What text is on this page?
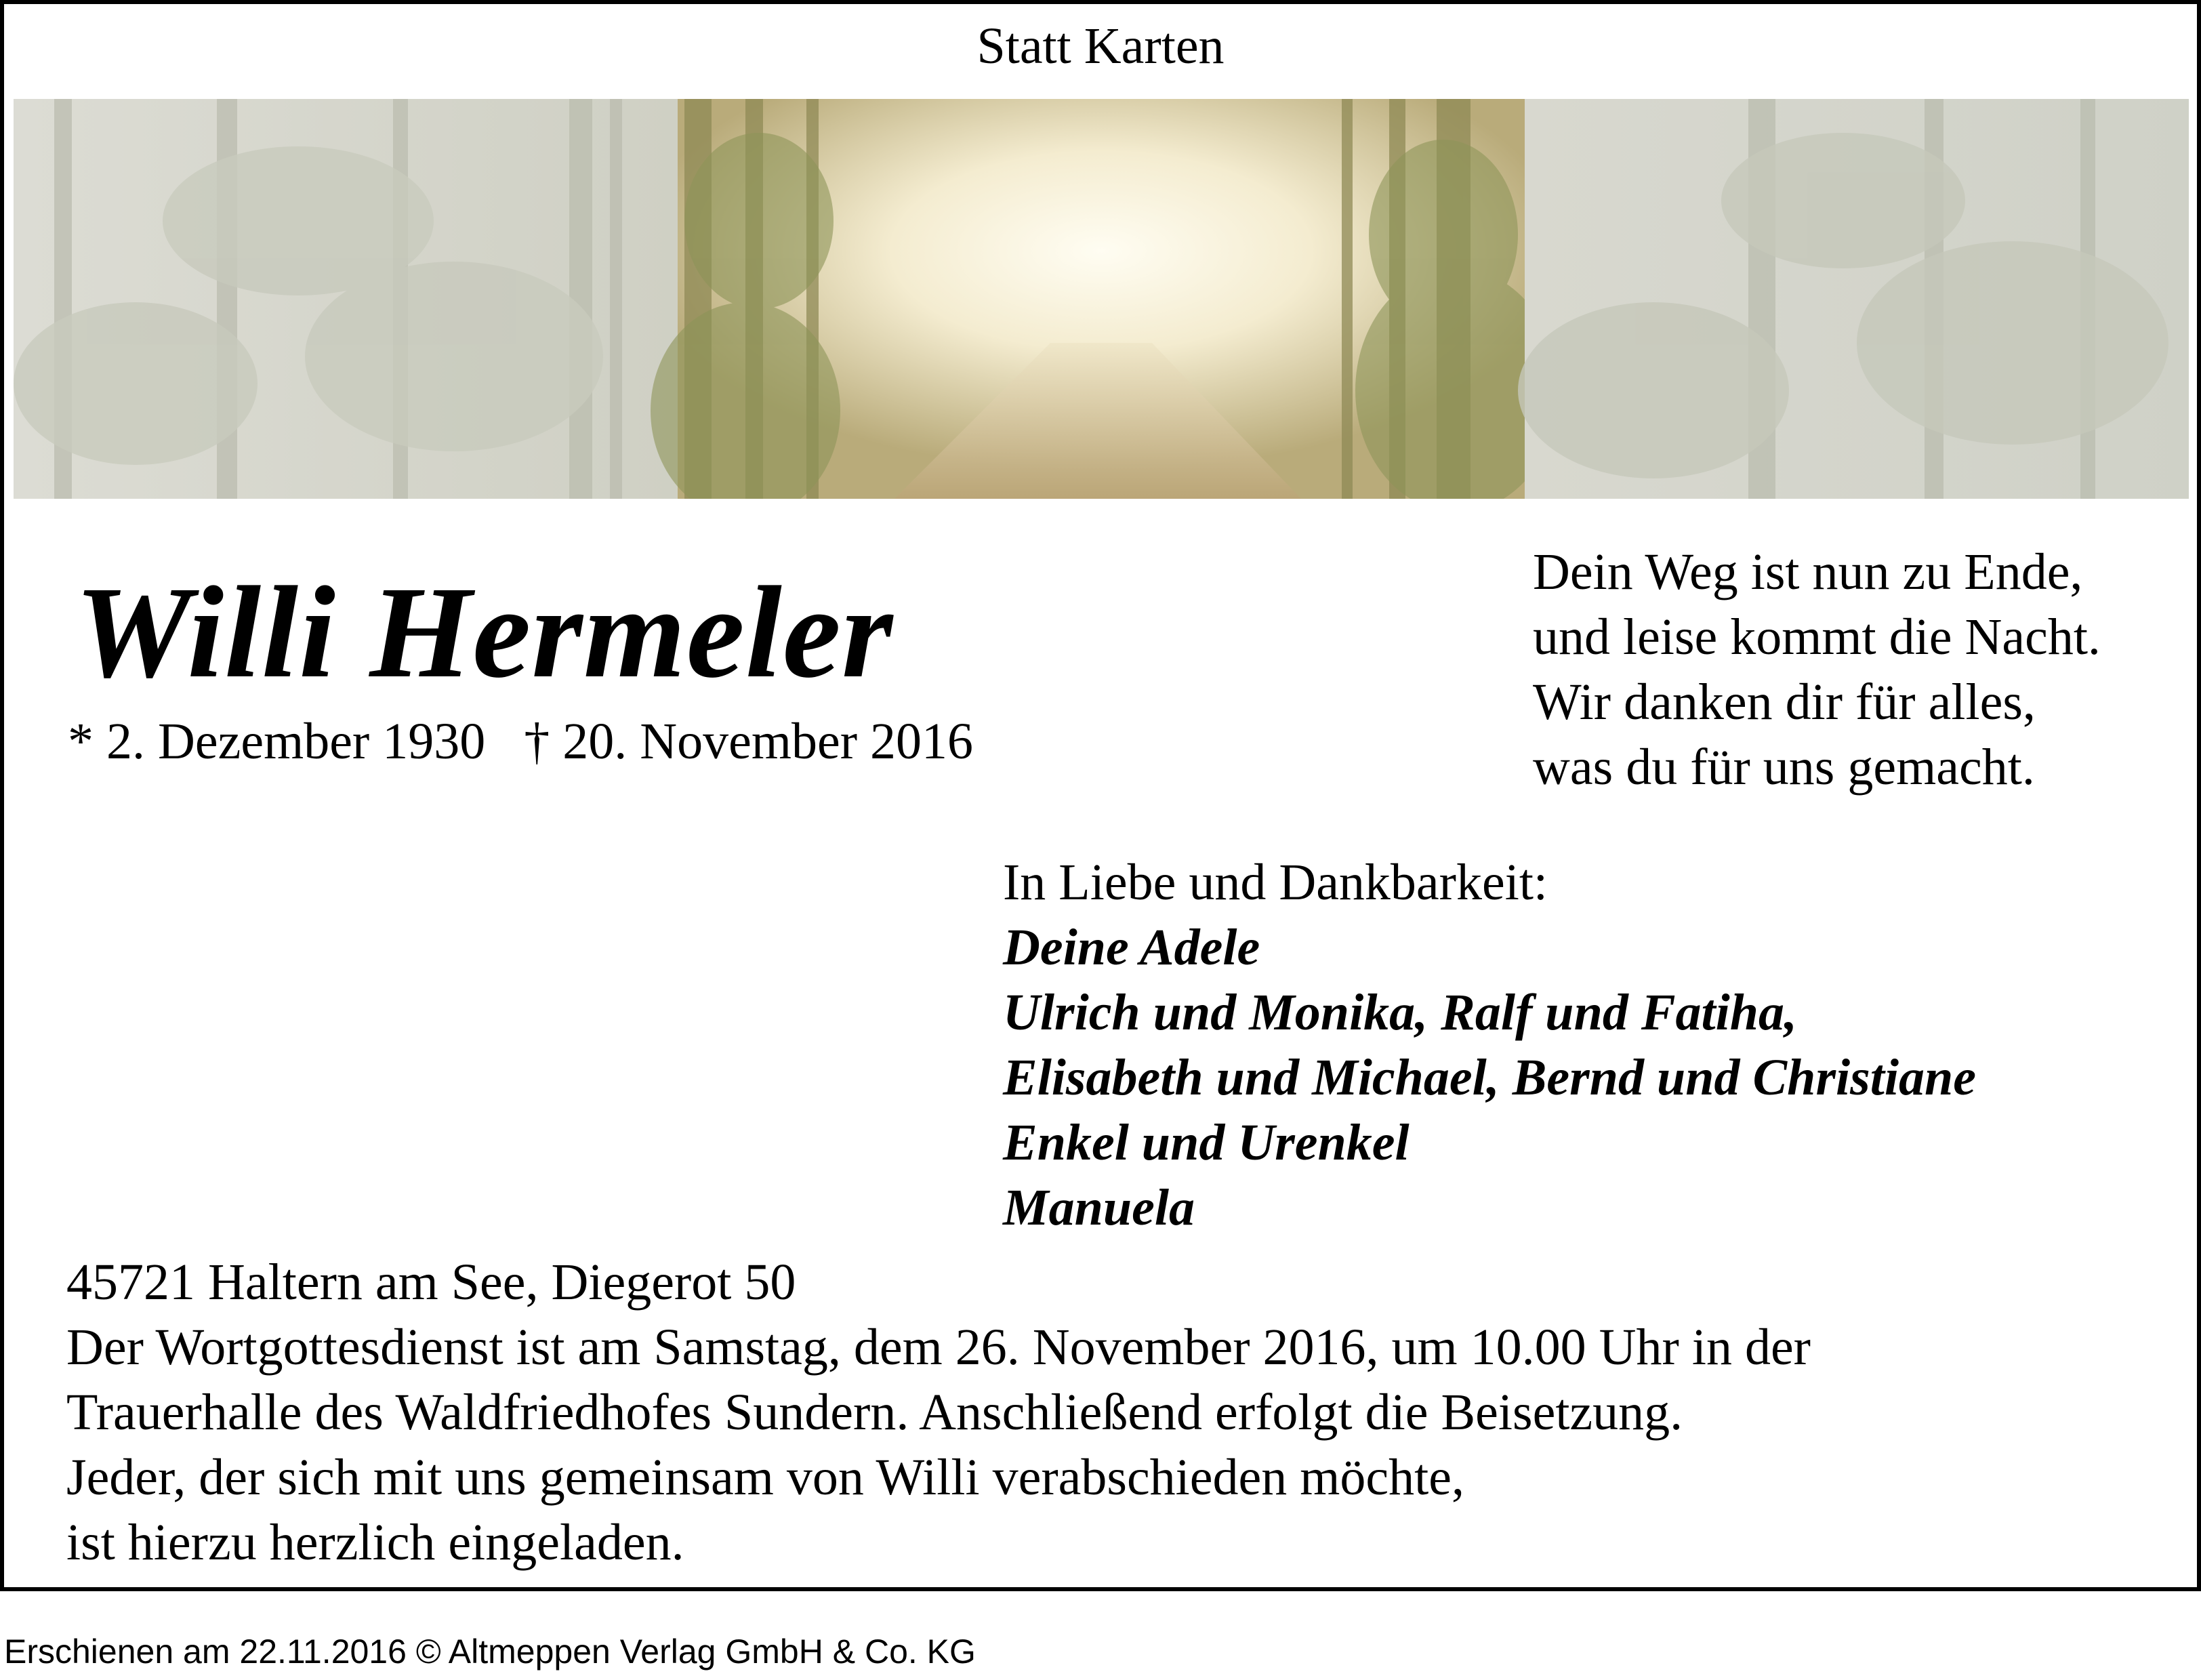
Statt Karten
Willi Hermeler
* 2. Dezember 1930 † 20. November 2016
Dein Weg ist nun zu Ende,
und leise kommt die Nacht.
Wir danken dir für alles,
was du für uns gemacht.
In Liebe und Dankbarkeit:
Deine Adele
Ulrich und Monika, Ralf und Fatiha,
Elisabeth und Michael, Bernd und Christiane
Enkel und Urenkel
Manuela
45721 Haltern am See, Diegerot 50
Der Wortgottesdienst ist am Samstag, dem 26. November 2016, um 10.00 Uhr in der
Trauerhalle des Waldfriedhofes Sundern. Anschließend erfolgt die Beisetzung.
Jeder, der sich mit uns gemeinsam von Willi verabschieden möchte,
ist hierzu herzlich eingeladen.
Erschienen am 22.11.2016 © Altmeppen Verlag GmbH & Co. KG
